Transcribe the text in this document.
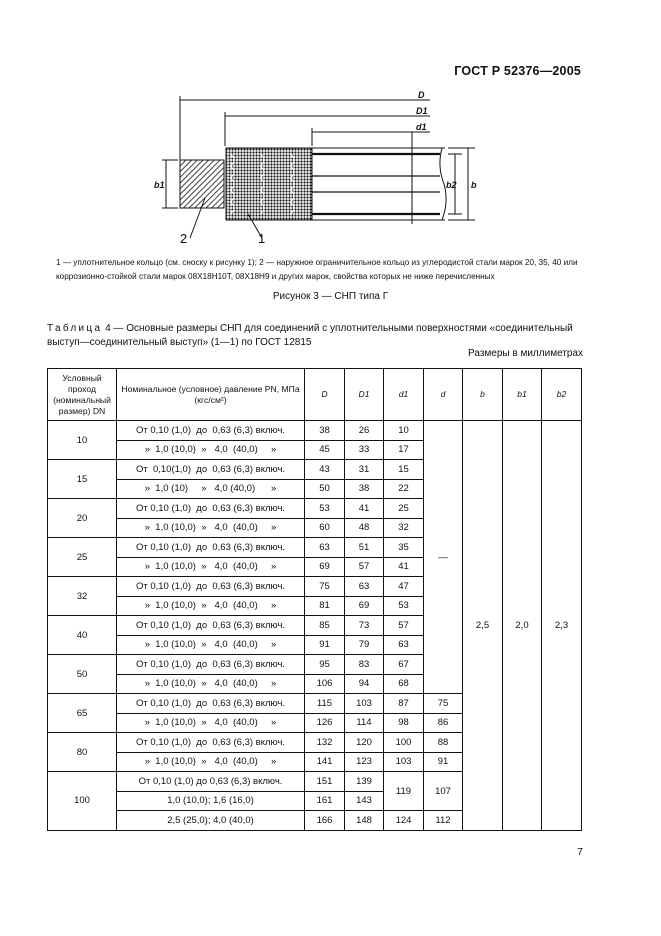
ГОСТ Р 52376—2005
D
D1
d1
b1	b2 b
2	1
1 — уплотнительное кольцо (см. сноску к рисунку 1); 2 — наружное ограничительное кольцо из углеродистой стали марок 20, 35, 40 или коррозионно-стойкой стали марок 08Х18Н10Т, 08Х18Н9 и других марок, свойства которых не ниже перечисленных
Рисунок 3 — СНП типа Г
Таблица 4 — Основные размеры СНП для соединений с уплотнительными поверхностями «соединительный выступ—соединительный выступ» (1—1) по ГОСТ 12815
Размеры в миллиметрах
Условный проход (номинальный размер) DN	Номинальное (условное) давление PN, МПа (кгс/см²)	D	D1	d1	d	b	b1	b2
10	От 0,10 (1,0)  до  0,63 (6,3) включ.	38	26	10	—	2,5	2,0	2,3
	»  1,0 (10,0)  »   4,0  (40,0)     »	45	33	17				
15	От  0,10(1,0)  до  0,63 (6,3) включ.	43	31	15				
	»  1,0 (10)     »   4,0 (40,0)      »	50	38	22				
20	От 0,10 (1,0)  до  0,63 (6,3) включ.	53	41	25				
	»  1,0 (10,0)  »   4,0  (40,0)     »	60	48	32				
25	От 0,10 (1,0)  до  0,63 (6,3) включ.	63	51	35				
	»  1,0 (10,0)  »   4,0  (40,0)     »	69	57	41				
32	От 0,10 (1,0)  до  0,63 (6,3) включ.	75	63	47				
	»  1,0 (10,0)  »   4,0  (40,0)     »	81	69	53				
40	От 0,10 (1,0)  до  0,63 (6,3) включ.	85	73	57				
	»  1,0 (10,0)  »   4,0  (40,0)     »	91	79	63				
50	От 0,10 (1,0)  до  0,63 (6,3) включ.	95	83	67				
	»  1,0 (10,0)  »   4,0  (40,0)     »	106	94	68				
65	От 0,10 (1,0)  до  0,63 (6,3) включ.	115	103	87	75			
	»  1,0 (10,0)  »   4,0  (40,0)     »	126	114	98	86			
80	От 0,10 (1,0)  до  0,63 (6,3) включ.	132	120	100	88			
	»  1,0 (10,0)  »   4,0  (40,0)     »	141	123	103	91			
100	От 0,10 (1,0) до 0,63 (6,3) включ.	151	139	119	107			
	1,0 (10,0); 1,6 (16,0)	161	143					
	2,5 (25,0); 4,0 (40,0)	166	148	124	112			
7
